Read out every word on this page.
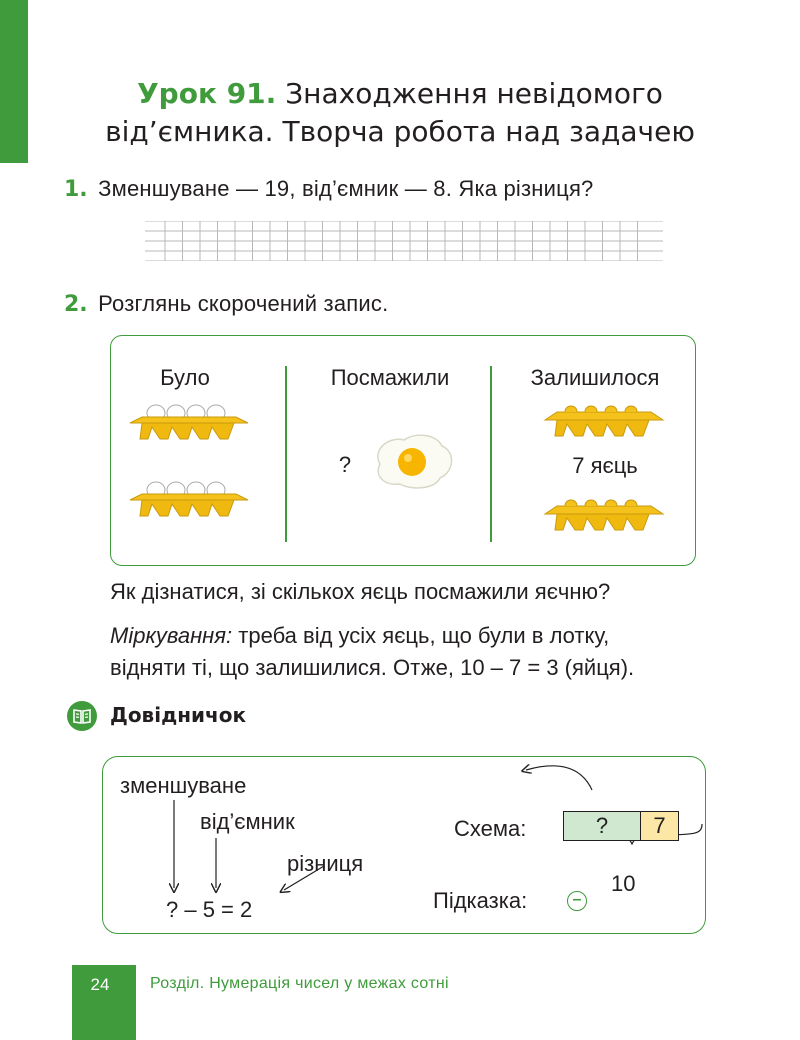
Урок 91. Знаходження невідомого
від’ємника. Творча робота над задачею
1. Зменшуване — 19, від’ємник — 8. Яка різниця?
2. Розглянь скорочений запис.
Було	Посмажили	Залишилося
?	7 яєць
Як дізнатися, зі скількох яєць посмажили яєчню?
Міркування: треба від усіх яєць, що були в лотку,
відняти ті, що залишилися. Отже, 10 – 7 = 3 (яйця).
Довідничок
зменшуване
від’ємник
різниця
? – 5 = 2
Схема:	?	7
10
Підказка:	–
24	Розділ. Нумерація чисел у межах сотні
